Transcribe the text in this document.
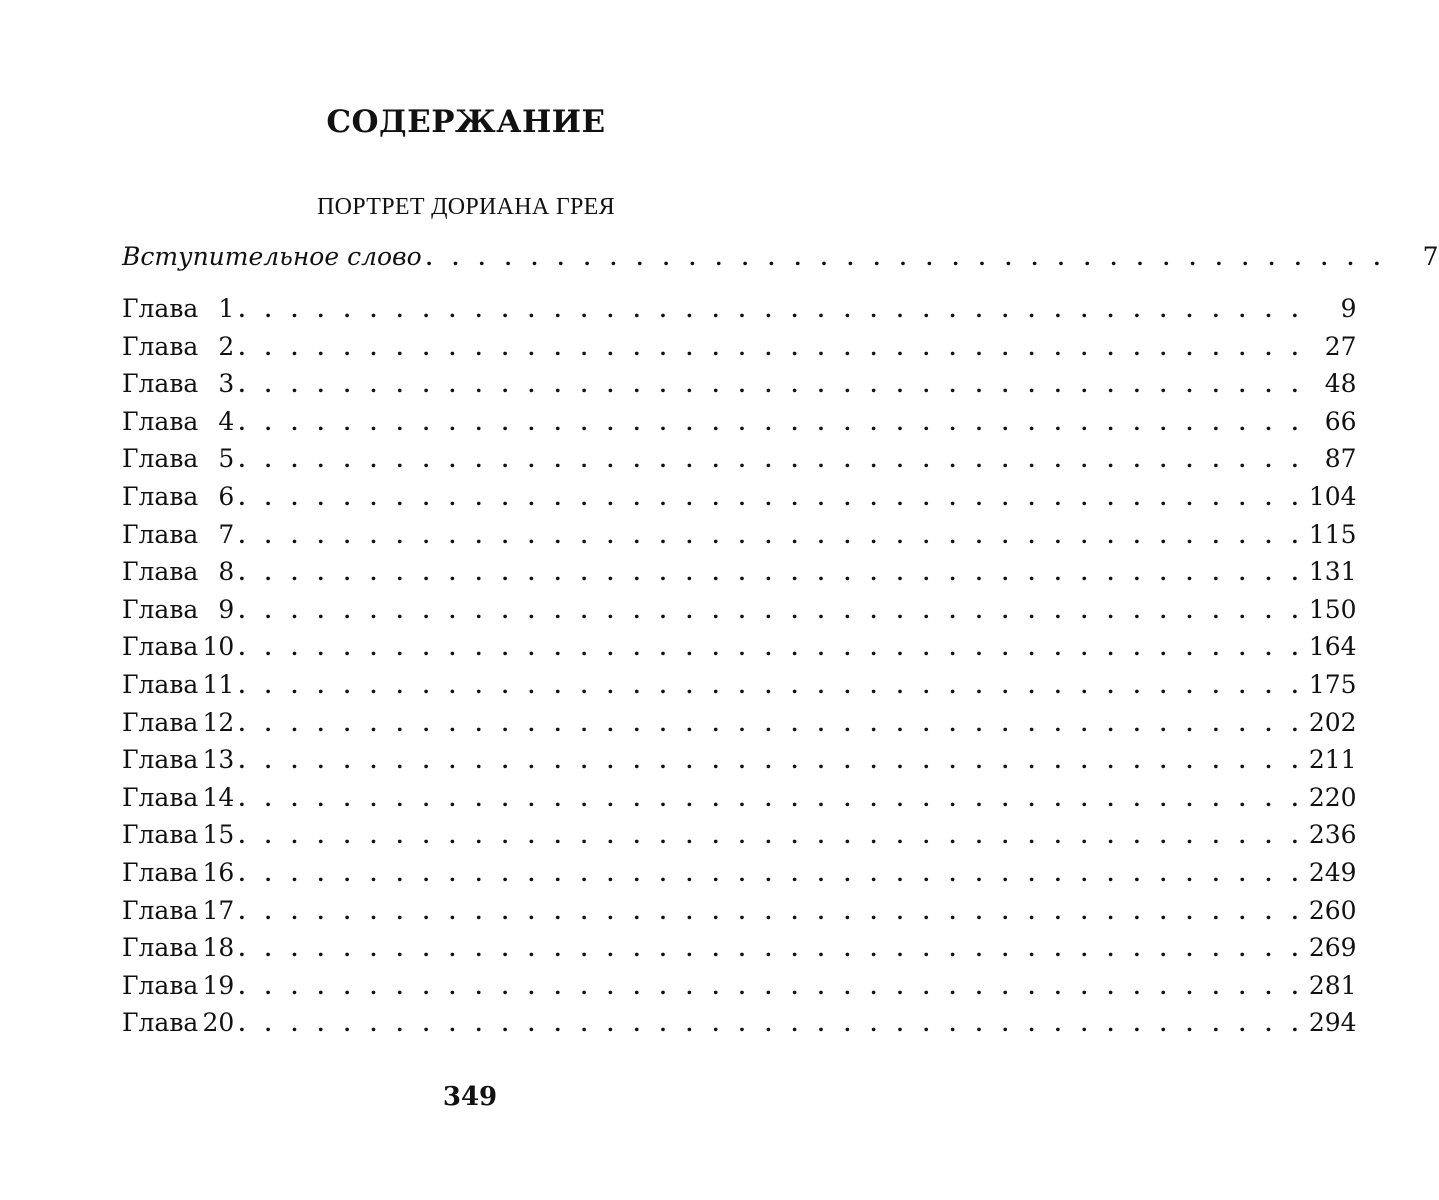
СОДЕРЖАНИЕ
ПОРТРЕТ ДОРИАНА ГРЕЯ
Вступительное слово . . . . . . . . . . . . . . . . . . . . . . . . . . . . . . . . . . . . .	7
Глава 1 . . . . . . . . . . . . . . . . . . . . . . . . . . . . . . . . . . . . . . . . .	9
Глава 2 . . . . . . . . . . . . . . . . . . . . . . . . . . . . . . . . . . . . . . . . . 27
Глава 3 . . . . . . . . . . . . . . . . . . . . . . . . . . . . . . . . . . . . . . . . . 48
Глава 4 . . . . . . . . . . . . . . . . . . . . . . . . . . . . . . . . . . . . . . . . . 66
Глава 5 . . . . . . . . . . . . . . . . . . . . . . . . . . . . . . . . . . . . . . . . . 87
Глава 6 . . . . . . . . . . . . . . . . . . . . . . . . . . . . . . . . . . . . . . . . . 104
Глава 7 . . . . . . . . . . . . . . . . . . . . . . . . . . . . . . . . . . . . . . . . . 115
Глава 8 . . . . . . . . . . . . . . . . . . . . . . . . . . . . . . . . . . . . . . . . . 131
Глава 9 . . . . . . . . . . . . . . . . . . . . . . . . . . . . . . . . . . . . . . . . . 150
Глава 10 . . . . . . . . . . . . . . . . . . . . . . . . . . . . . . . . . . . . . . . . . 164
Глава 11 . . . . . . . . . . . . . . . . . . . . . . . . . . . . . . . . . . . . . . . . . 175
Глава 12 . . . . . . . . . . . . . . . . . . . . . . . . . . . . . . . . . . . . . . . . . 202
Глава 13 . . . . . . . . . . . . . . . . . . . . . . . . . . . . . . . . . . . . . . . . . 211
Глава 14 . . . . . . . . . . . . . . . . . . . . . . . . . . . . . . . . . . . . . . . . . 220
Глава 15 . . . . . . . . . . . . . . . . . . . . . . . . . . . . . . . . . . . . . . . . . 236
Глава 16 . . . . . . . . . . . . . . . . . . . . . . . . . . . . . . . . . . . . . . . . . 249
Глава 17 . . . . . . . . . . . . . . . . . . . . . . . . . . . . . . . . . . . . . . . . . 260
Глава 18 . . . . . . . . . . . . . . . . . . . . . . . . . . . . . . . . . . . . . . . . . 269
Глава 19 . . . . . . . . . . . . . . . . . . . . . . . . . . . . . . . . . . . . . . . . . 281
Глава 20 . . . . . . . . . . . . . . . . . . . . . . . . . . . . . . . . . . . . . . . . . 294
349
